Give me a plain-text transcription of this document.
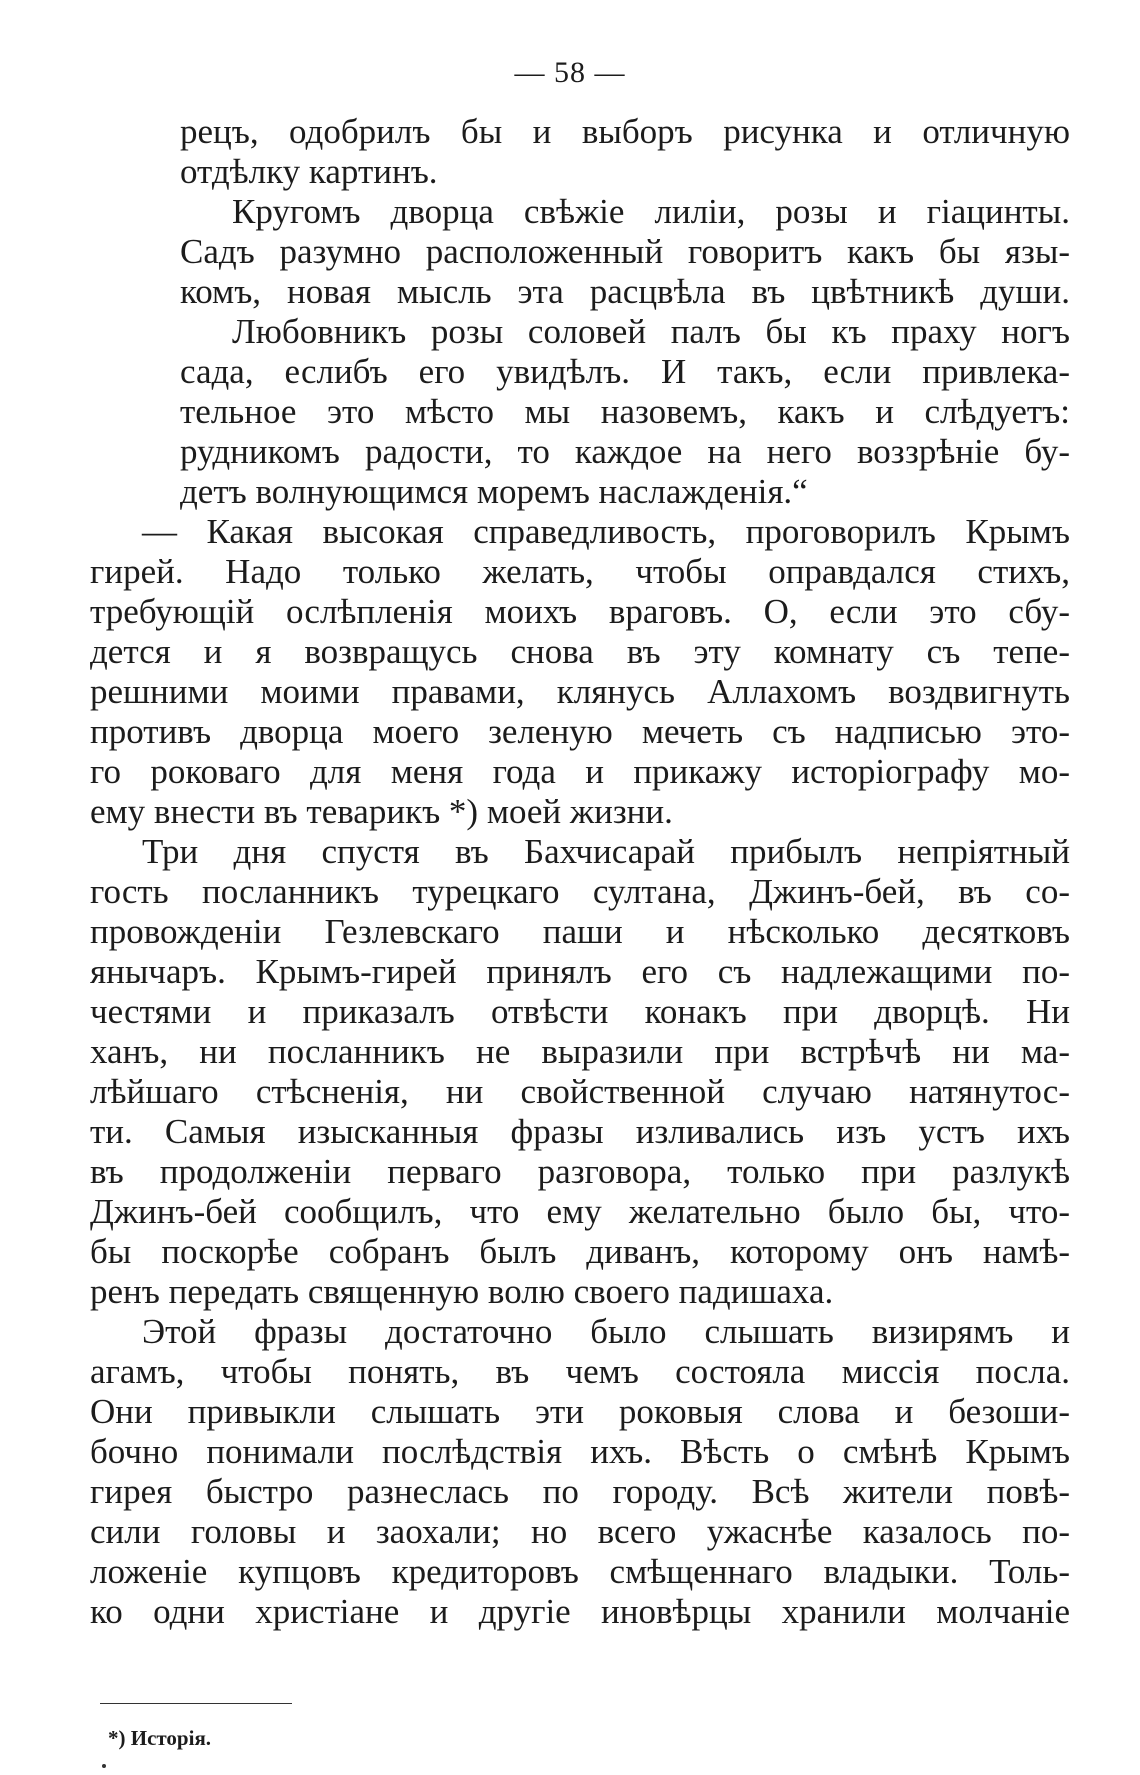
— 58 —
рецъ, одобрилъ бы и выборъ рисунка и отличную
отдѣлку картинъ.
Кругомъ дворца свѣжіе лиліи, розы и гіацинты.
Садъ разумно расположенный говоритъ какъ бы язы-
комъ, новая мысль эта расцвѣла въ цвѣтникѣ души.
Любовникъ розы соловей палъ бы къ праху ногъ
сада, еслибъ его увидѣлъ. И такъ, если привлека-
тельное это мѣсто мы назовемъ, какъ и слѣдуетъ:
рудникомъ радости, то каждое на него воззрѣніе бу-
детъ волнующимся моремъ наслажденія.“
— Какая высокая справедливость, проговорилъ Крымъ
гирей. Надо только желать, чтобы оправдался стихъ,
требующій ослѣпленія моихъ враговъ. О, если это сбу-
дется и я возвращусь снова въ эту комнату съ тепе-
решними моими правами, клянусь Аллахомъ воздвигнуть
противъ дворца моего зеленую мечеть съ надписью это-
го роковаго для меня года и прикажу исторіографу мо-
ему внести въ теварикъ *) моей жизни.
Три дня спустя въ Бахчисарай прибылъ непріятный
гость посланникъ турецкаго султана, Джинъ-бей, въ со-
провожденіи Гезлевскаго паши и нѣсколько десятковъ
янычаръ. Крымъ-гирей принялъ его съ надлежащими по-
честями и приказалъ отвѣсти конакъ при дворцѣ. Ни
ханъ, ни посланникъ не выразили при встрѣчѣ ни ма-
лѣйшаго стѣсненія, ни свойственной случаю натянутос-
ти. Самыя изысканныя фразы изливались изъ устъ ихъ
въ продолженіи перваго разговора, только при разлукѣ
Джинъ-бей сообщилъ, что ему желательно было бы, что-
бы поскорѣе собранъ былъ диванъ, которому онъ намѣ-
ренъ передать священную волю своего падишаха.
Этой фразы достаточно было слышать визирямъ и
агамъ, чтобы понять, въ чемъ состояла миссія посла.
Они привыкли слышать эти роковыя слова и безоши-
бочно понимали послѣдствія ихъ. Вѣсть о смѣнѣ Крымъ
гирея быстро разнеслась по городу. Всѣ жители повѣ-
сили головы и заохали; но всего ужаснѣе казалось по-
ложеніе купцовъ кредиторовъ смѣщеннаго владыки. Толь-
ко одни христіане и другіе иновѣрцы хранили молчаніе
*) Исторія.
